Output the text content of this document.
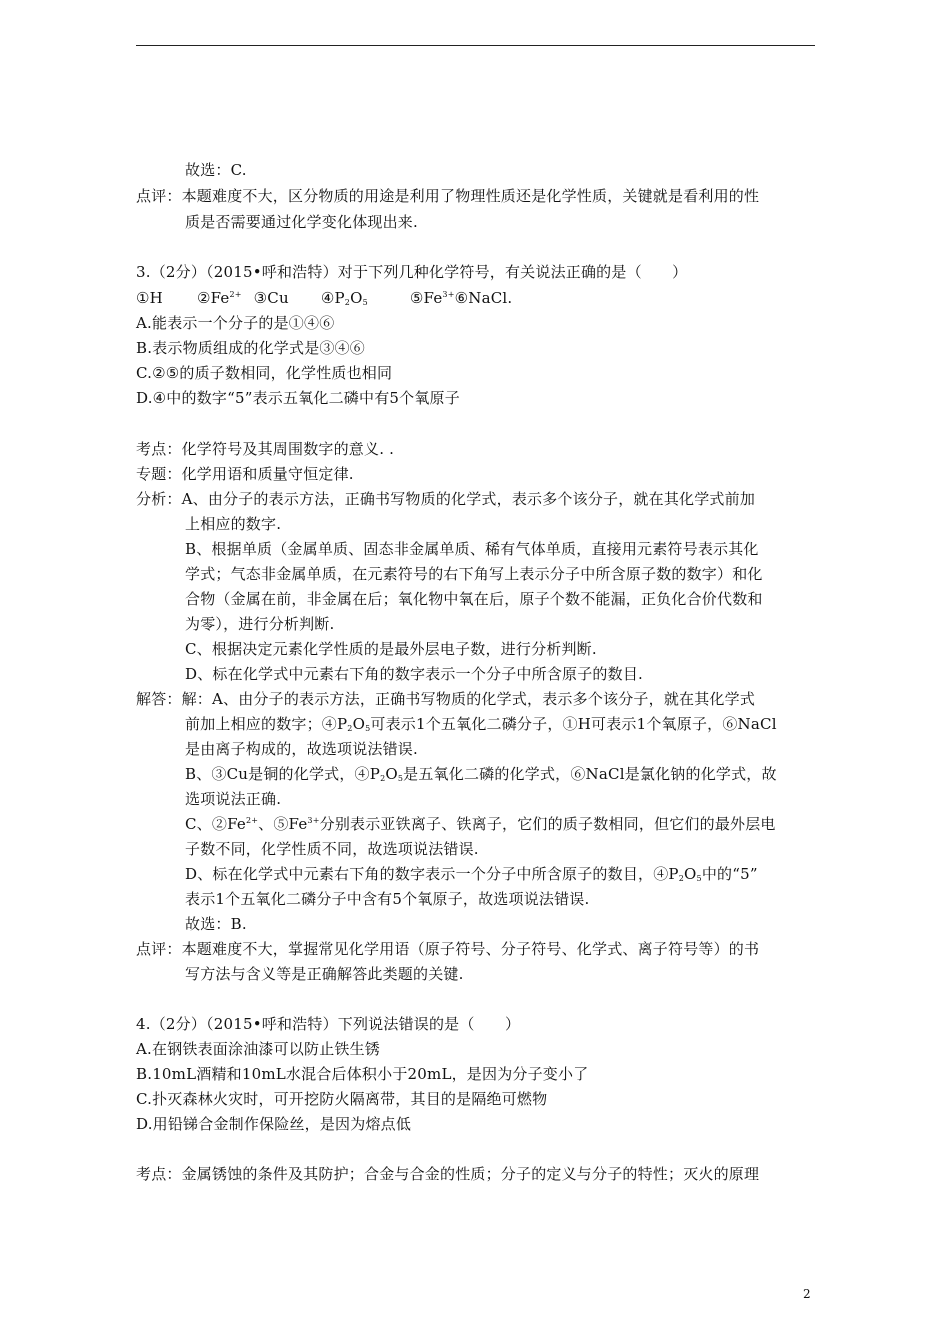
故选：C.
点评：本题难度不大，区分物质的用途是利用了物理性质还是化学性质，关键就是看利用的性
质是否需要通过化学变化体现出来.
3.（2分）（2015•呼和浩特）对于下列几种化学符号，有关说法正确的是（　　）
①H $②Fe^{2+}$ ③Cu $④P_2O_5$	$⑤Fe^{3+}⑥NaCl$.
A.能表示一个分子的是①④⑥
B.表示物质组成的化学式是③④⑥
C.②⑤的质子数相同，化学性质也相同
D.④中的数字“5”表示五氧化二磷中有5个氧原子
考点：化学符号及其周围数字的意义. .
专题：化学用语和质量守恒定律.
分析：A、由分子的表示方法，正确书写物质的化学式，表示多个该分子，就在其化学式前加
上相应的数字.
B、根据单质（金属单质、固态非金属单质、稀有气体单质，直接用元素符号表示其化
学式；气态非金属单质，在元素符号的右下角写上表示分子中所含原子数的数字）和化
合物（金属在前，非金属在后；氧化物中氧在后，原子个数不能漏，正负化合价代数和
为零），进行分析判断.
C、根据决定元素化学性质的是最外层电子数，进行分析判断.
D、标在化学式中元素右下角的数字表示一个分子中所含原子的数目.
解答：解：A、由分子的表示方法，正确书写物质的化学式，表示多个该分子，就在其化学式
前加上相应的数字；$④P_2O_5$可表示1个五氧化二磷分子，①H可表示1个氧原子，⑥NaCl
是由离子构成的，故选项说法错误.
B、③Cu是铜的化学式，$④P_2O_5$是五氧化二磷的化学式，⑥NaCl是氯化钠的化学式，故
选项说法正确.
C、$②Fe^{2+}$、$⑤Fe^{3+}$分别表示亚铁离子、铁离子，它们的质子数相同，但它们的最外层电
子数不同，化学性质不同，故选项说法错误.
D、标在化学式中元素右下角的数字表示一个分子中所含原子的数目，$④P_2O_5$中的“5”
表示1个五氧化二磷分子中含有5个氧原子，故选项说法错误.
故选：B.
点评：本题难度不大，掌握常见化学用语（原子符号、分子符号、化学式、离子符号等）的书
写方法与含义等是正确解答此类题的关键.
4.（2分）（2015•呼和浩特）下列说法错误的是（　　）
A.在钢铁表面涂油漆可以防止铁生锈
B.10mL酒精和10mL水混合后体积小于20mL，是因为分子变小了
C.扑灭森林火灾时，可开挖防火隔离带，其目的是隔绝可燃物
D.用铅锑合金制作保险丝，是因为熔点低
考点：金属锈蚀的条件及其防护；合金与合金的性质；分子的定义与分子的特性；灭火的原理
2
